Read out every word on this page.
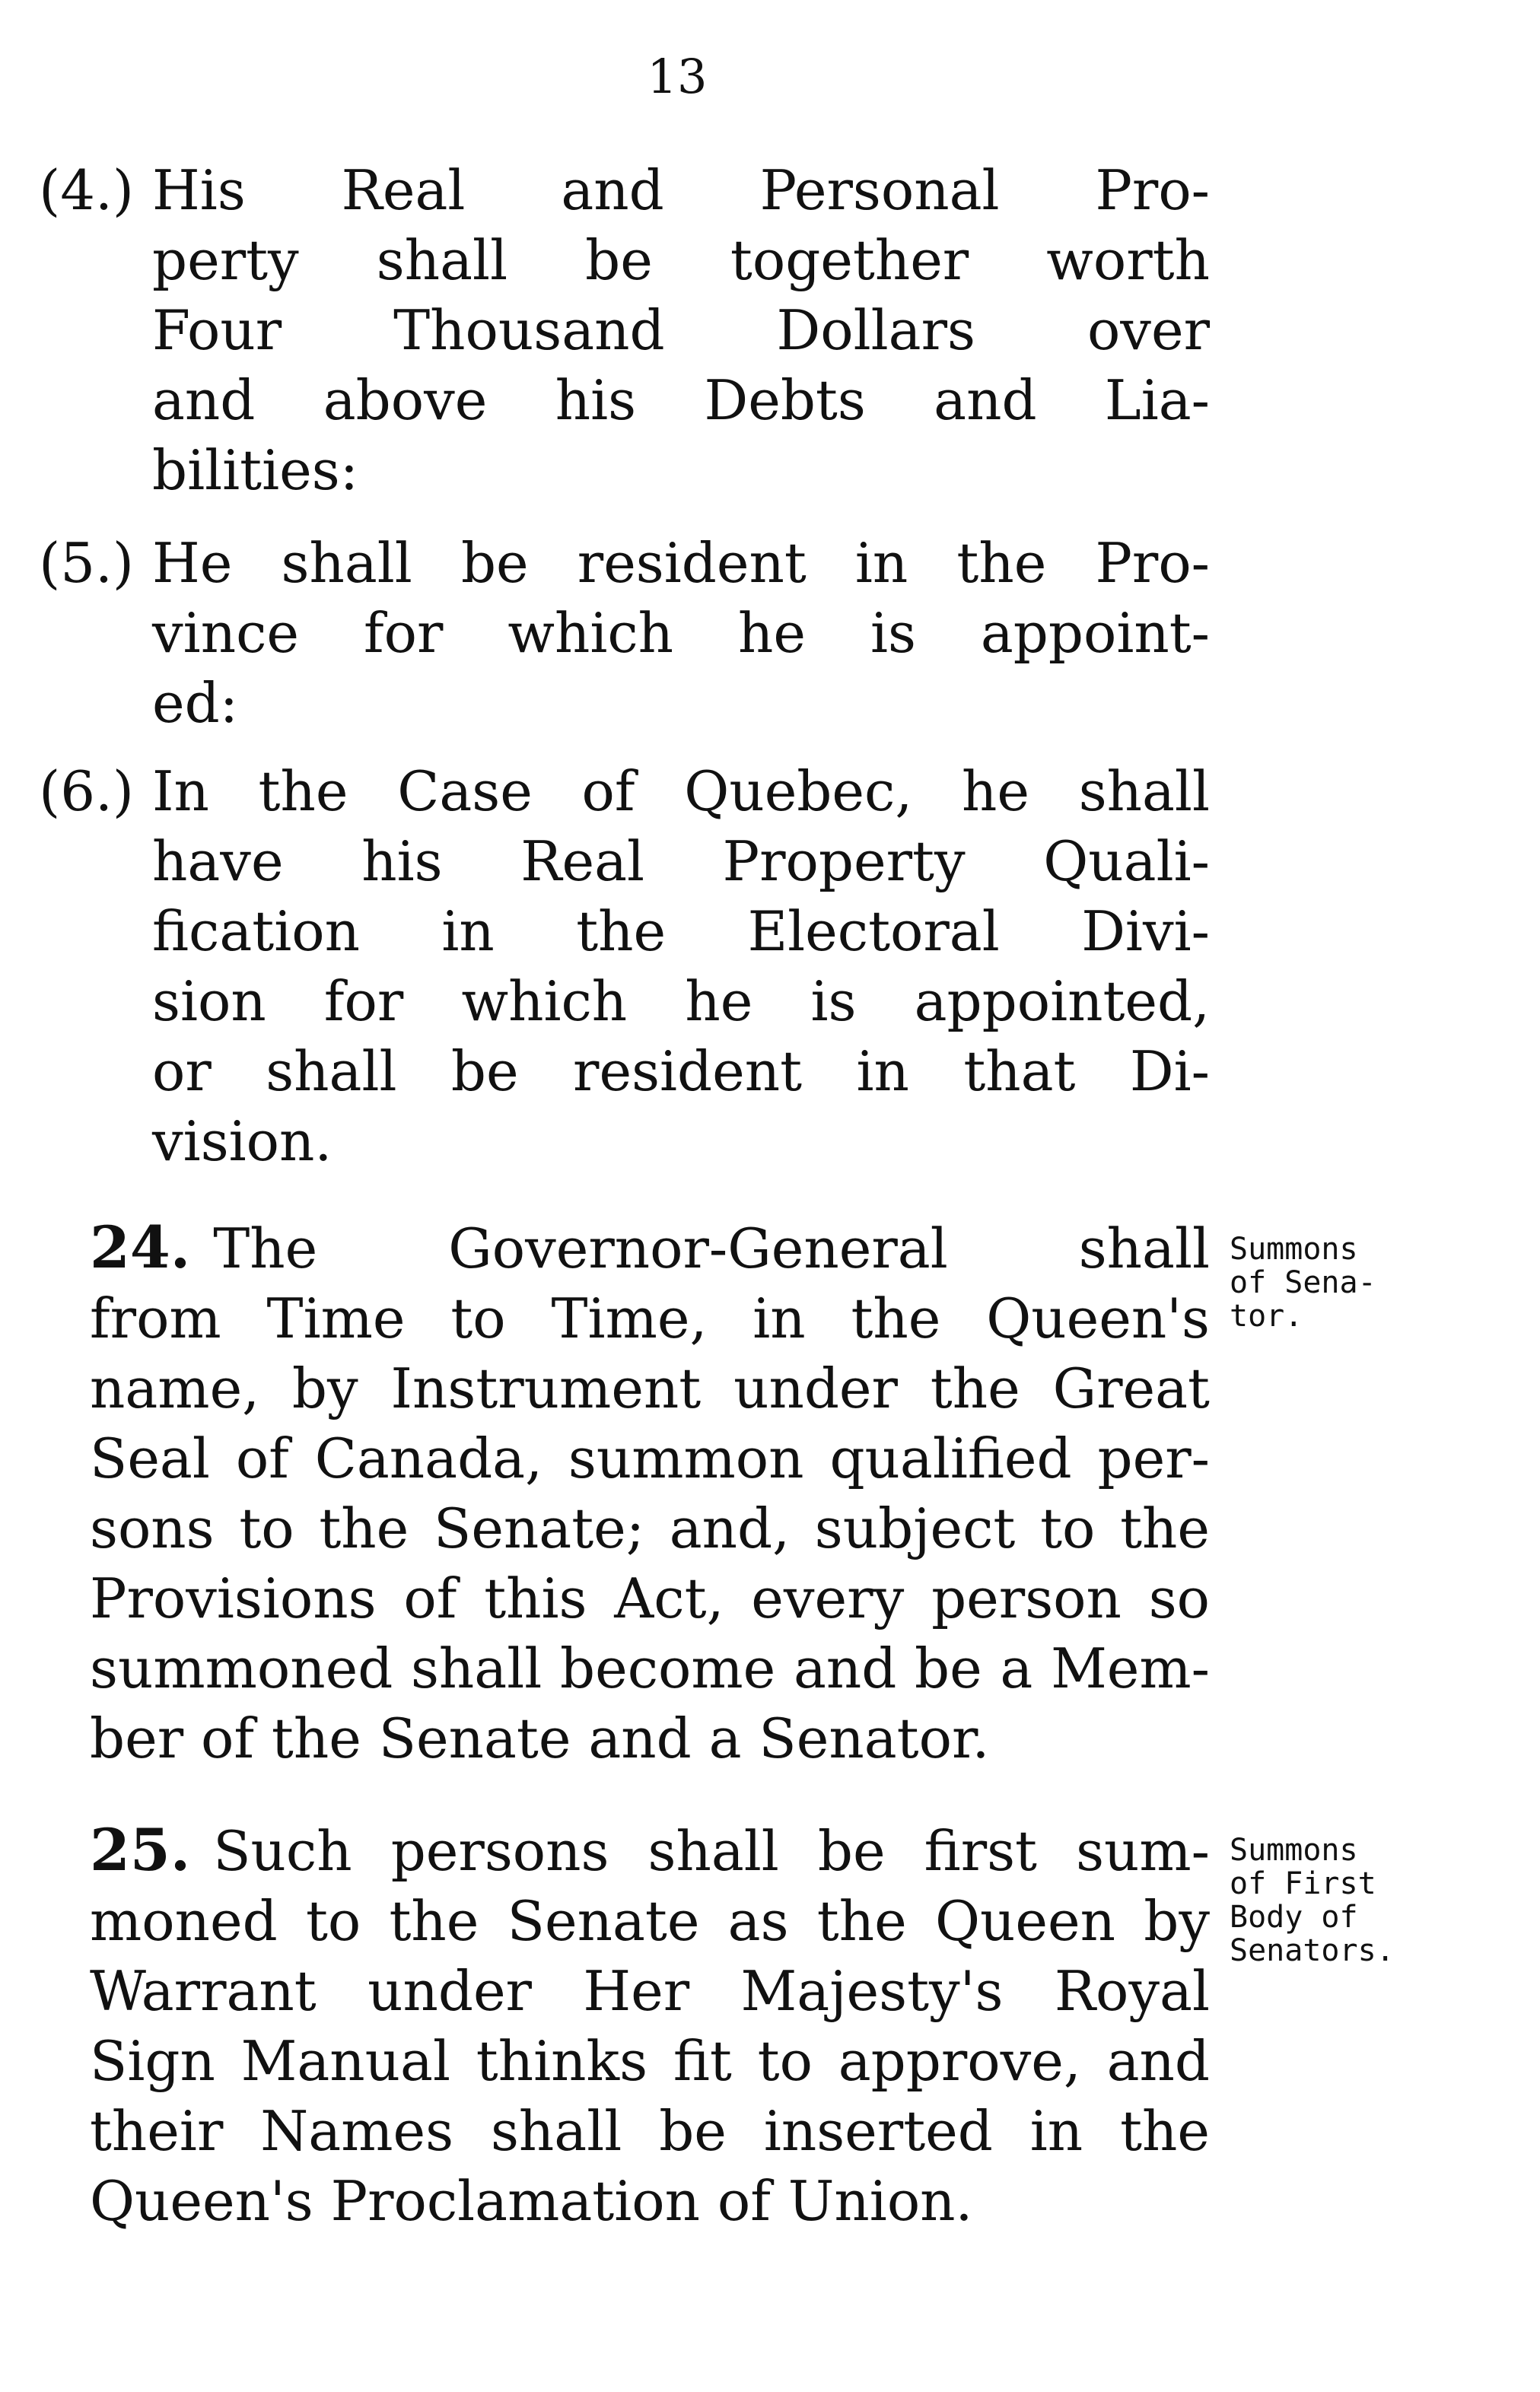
13
(4.) His Real and Personal Pro-
perty shall be together worth
Four Thousand Dollars over
and above his Debts and Lia-
bilities:
(5.) He shall be resident in the Pro-
vince for which he is appoint-
ed:
(6.) In the Case of Quebec, he shall
have his Real Property Quali-
fication in the Electoral Divi-
sion for which he is appointed,
or shall be resident in that Di-
vision.
24. The Governor-General shall
from Time to Time, in the Queen's
name, by Instrument under the Great
Seal of Canada, summon qualified per-
sons to the Senate; and, subject to the
Provisions of this Act, every person so
summoned shall become and be a Mem-
ber of the Senate and a Senator.
Summons
of Sena-
tor.
25. Such persons shall be first sum-
moned to the Senate as the Queen by
Warrant under Her Majesty's Royal
Sign Manual thinks fit to approve, and
their Names shall be inserted in the
Queen's Proclamation of Union.
Summons
of First
Body of
Senators.
